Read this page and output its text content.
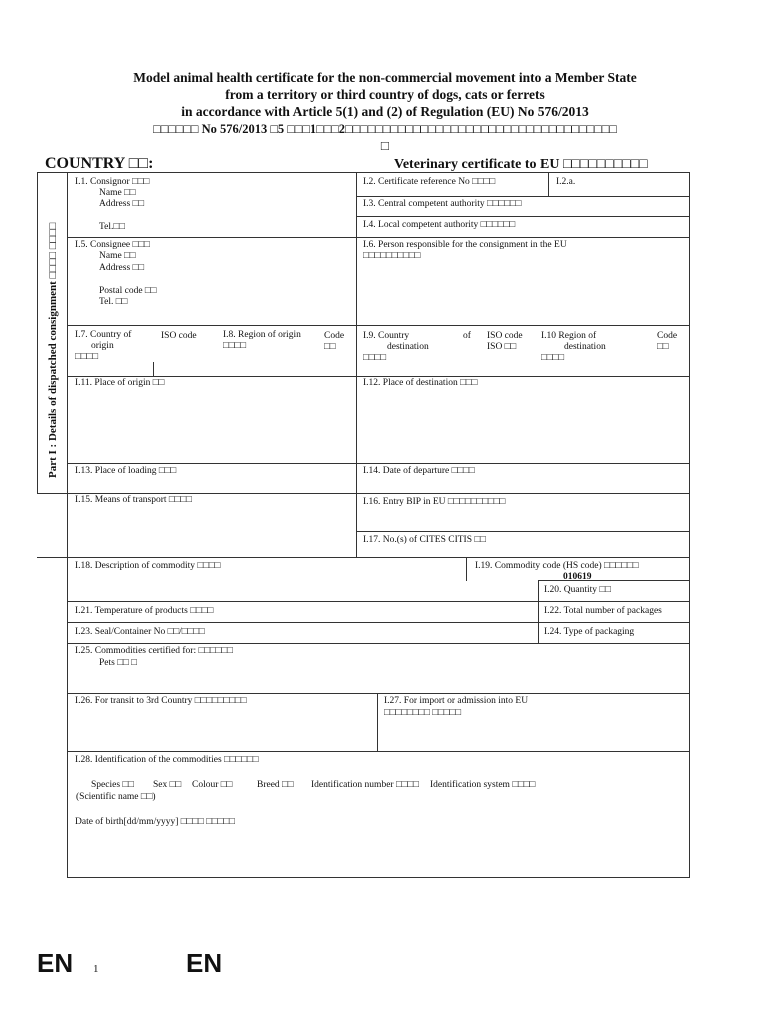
Model animal health certificate for the non-commercial movement into a Member State
from a territory or third country of dogs, cats or ferrets
in accordance with Article 5(1) and (2) of Regulation (EU) No 576/2013
□□□□□□ No 576/2013 □5 □□□1□□□2□□□□□□□□□□□□□□□□□□□□□□□□□□□□□□□□□□□□
□
COUNTRY □□:	Veterinary certificate to EU □□□□□□□□□□
Part I : Details of dispatched consignment □□□□ □□□□
I.1. Consignor □□□
Name □□
Address □□
Tel.□□
I.2. Certificate reference No □□□□	I.2.a.
I.3. Central competent authority □□□□□□
I.4. Local competent authority □□□□□□
I.5. Consignee □□□
Name □□
Address □□
Postal code □□
Tel. □□
I.6. Person responsible for the consignment in the EU
□□□□□□□□□□
I.7. Country of
origin
□□□□
ISO code	I.8. Region of origin
□□□□
Code
□□
I.9. Country	of
destination
□□□□
ISO code
ISO □□
I.10 Region of
destination
□□□□
Code
□□
I.11. Place of origin □□	I.12. Place of destination □□□
I.13. Place of loading □□□	I.14. Date of departure □□□□
I.15. Means of transport □□□□	I.16. Entry BIP in EU □□□□□□□□□□
I.17. No.(s) of CITES CITIS □□
I.18. Description of commodity □□□□	I.19. Commodity code (HS code) □□□□□□
010619
I.20. Quantity □□
I.21. Temperature of products □□□□	I.22. Total number of packages
I.23. Seal/Container No □□/□□□□	I.24. Type of packaging
I.25. Commodities certified for: □□□□□□
Pets □□ □
I.26. For transit to 3rd Country □□□□□□□□□	I.27. For import or admission into EU
□□□□□□□□ □□□□□
I.28. Identification of the commodities □□□□□□
Species □□ Sex □□ Colour □□	Breed □□ Identification number □□□□ Identification system □□□□
(Scientific name □□)
Date of birth[dd/mm/yyyy] □□□□ □□□□□
EN 1	EN
